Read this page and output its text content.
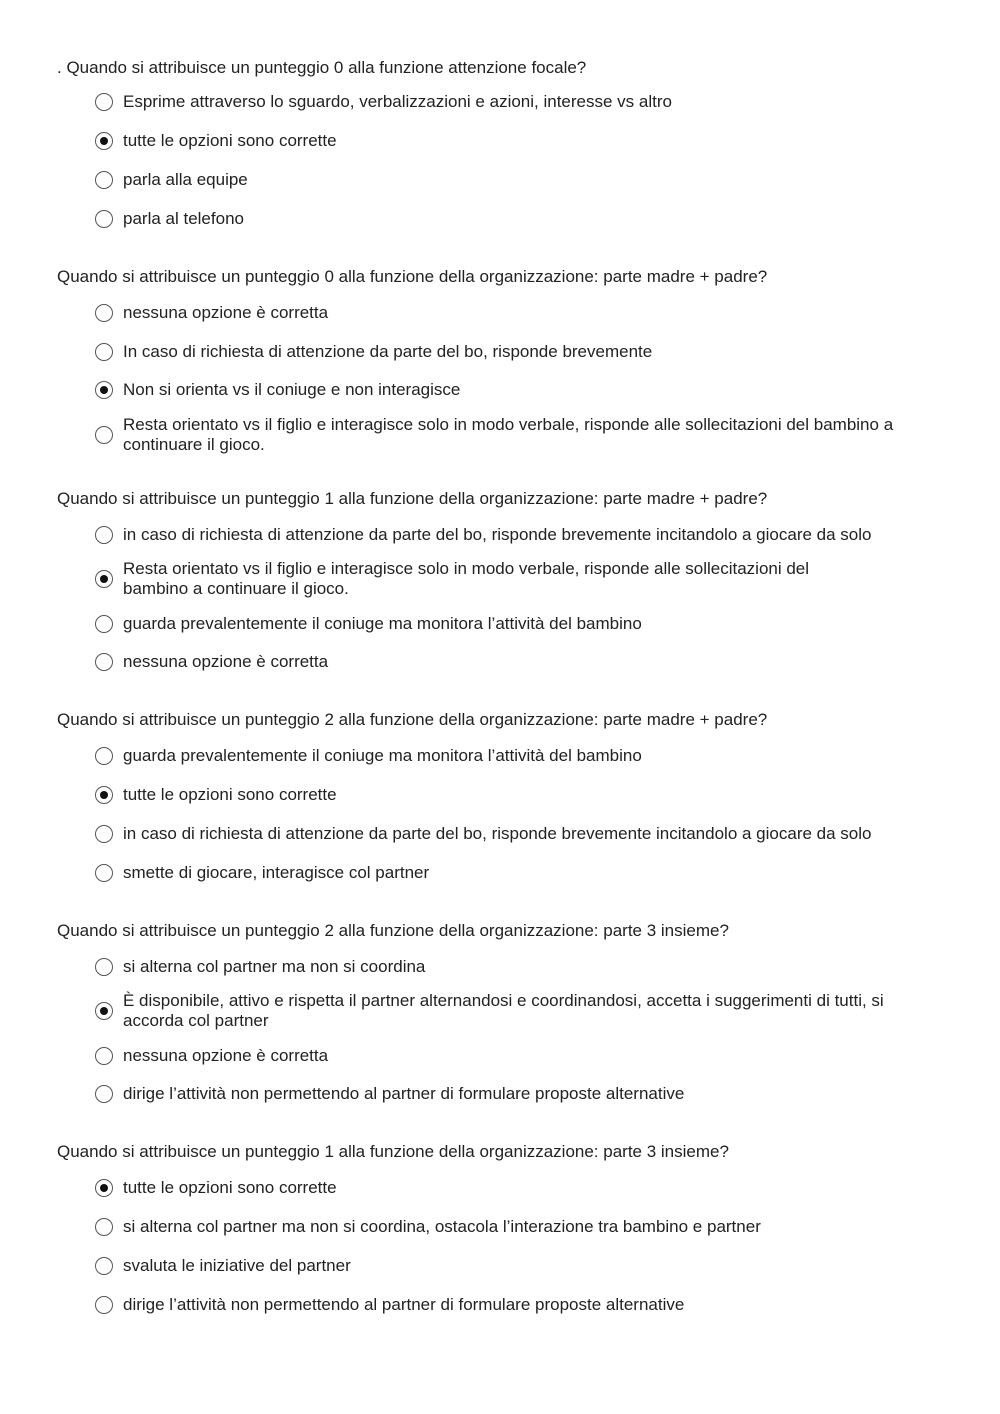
. Quando si attribuisce un punteggio 0 alla funzione attenzione focale?
Esprime attraverso lo sguardo, verbalizzazioni e azioni, interesse vs altro
tutte le opzioni sono corrette
parla alla equipe
parla al telefono
Quando si attribuisce un punteggio 0 alla funzione della organizzazione: parte madre + padre?
nessuna opzione è corretta
In caso di richiesta di attenzione da parte del bo, risponde brevemente
Non si orienta vs il coniuge e non interagisce
Resta orientato vs il figlio e interagisce solo in modo verbale, risponde alle sollecitazioni del bambino a continuare il gioco.
Quando si attribuisce un punteggio 1 alla funzione della organizzazione: parte madre + padre?
in caso di richiesta di attenzione da parte del bo, risponde brevemente incitandolo a giocare da solo
Resta orientato vs il figlio e interagisce solo in modo verbale, risponde alle sollecitazioni del bambino a continuare il gioco.
guarda prevalentemente il coniuge ma monitora l’attività del bambino
nessuna opzione è corretta
Quando si attribuisce un punteggio 2 alla funzione della organizzazione: parte madre + padre?
guarda prevalentemente il coniuge ma monitora l’attività del bambino
tutte le opzioni sono corrette
in caso di richiesta di attenzione da parte del bo, risponde brevemente incitandolo a giocare da solo
smette di giocare, interagisce col partner
Quando si attribuisce un punteggio 2 alla funzione della organizzazione: parte 3 insieme?
si alterna col partner ma non si coordina
È disponibile, attivo e rispetta il partner alternandosi e coordinandosi, accetta i suggerimenti di tutti, si accorda col partner
nessuna opzione è corretta
dirige l’attività non permettendo al partner di formulare proposte alternative
Quando si attribuisce un punteggio 1 alla funzione della organizzazione: parte 3 insieme?
tutte le opzioni sono corrette
si alterna col partner ma non si coordina, ostacola l’interazione tra bambino e partner
svaluta le iniziative del partner
dirige l’attività non permettendo al partner di formulare proposte alternative
